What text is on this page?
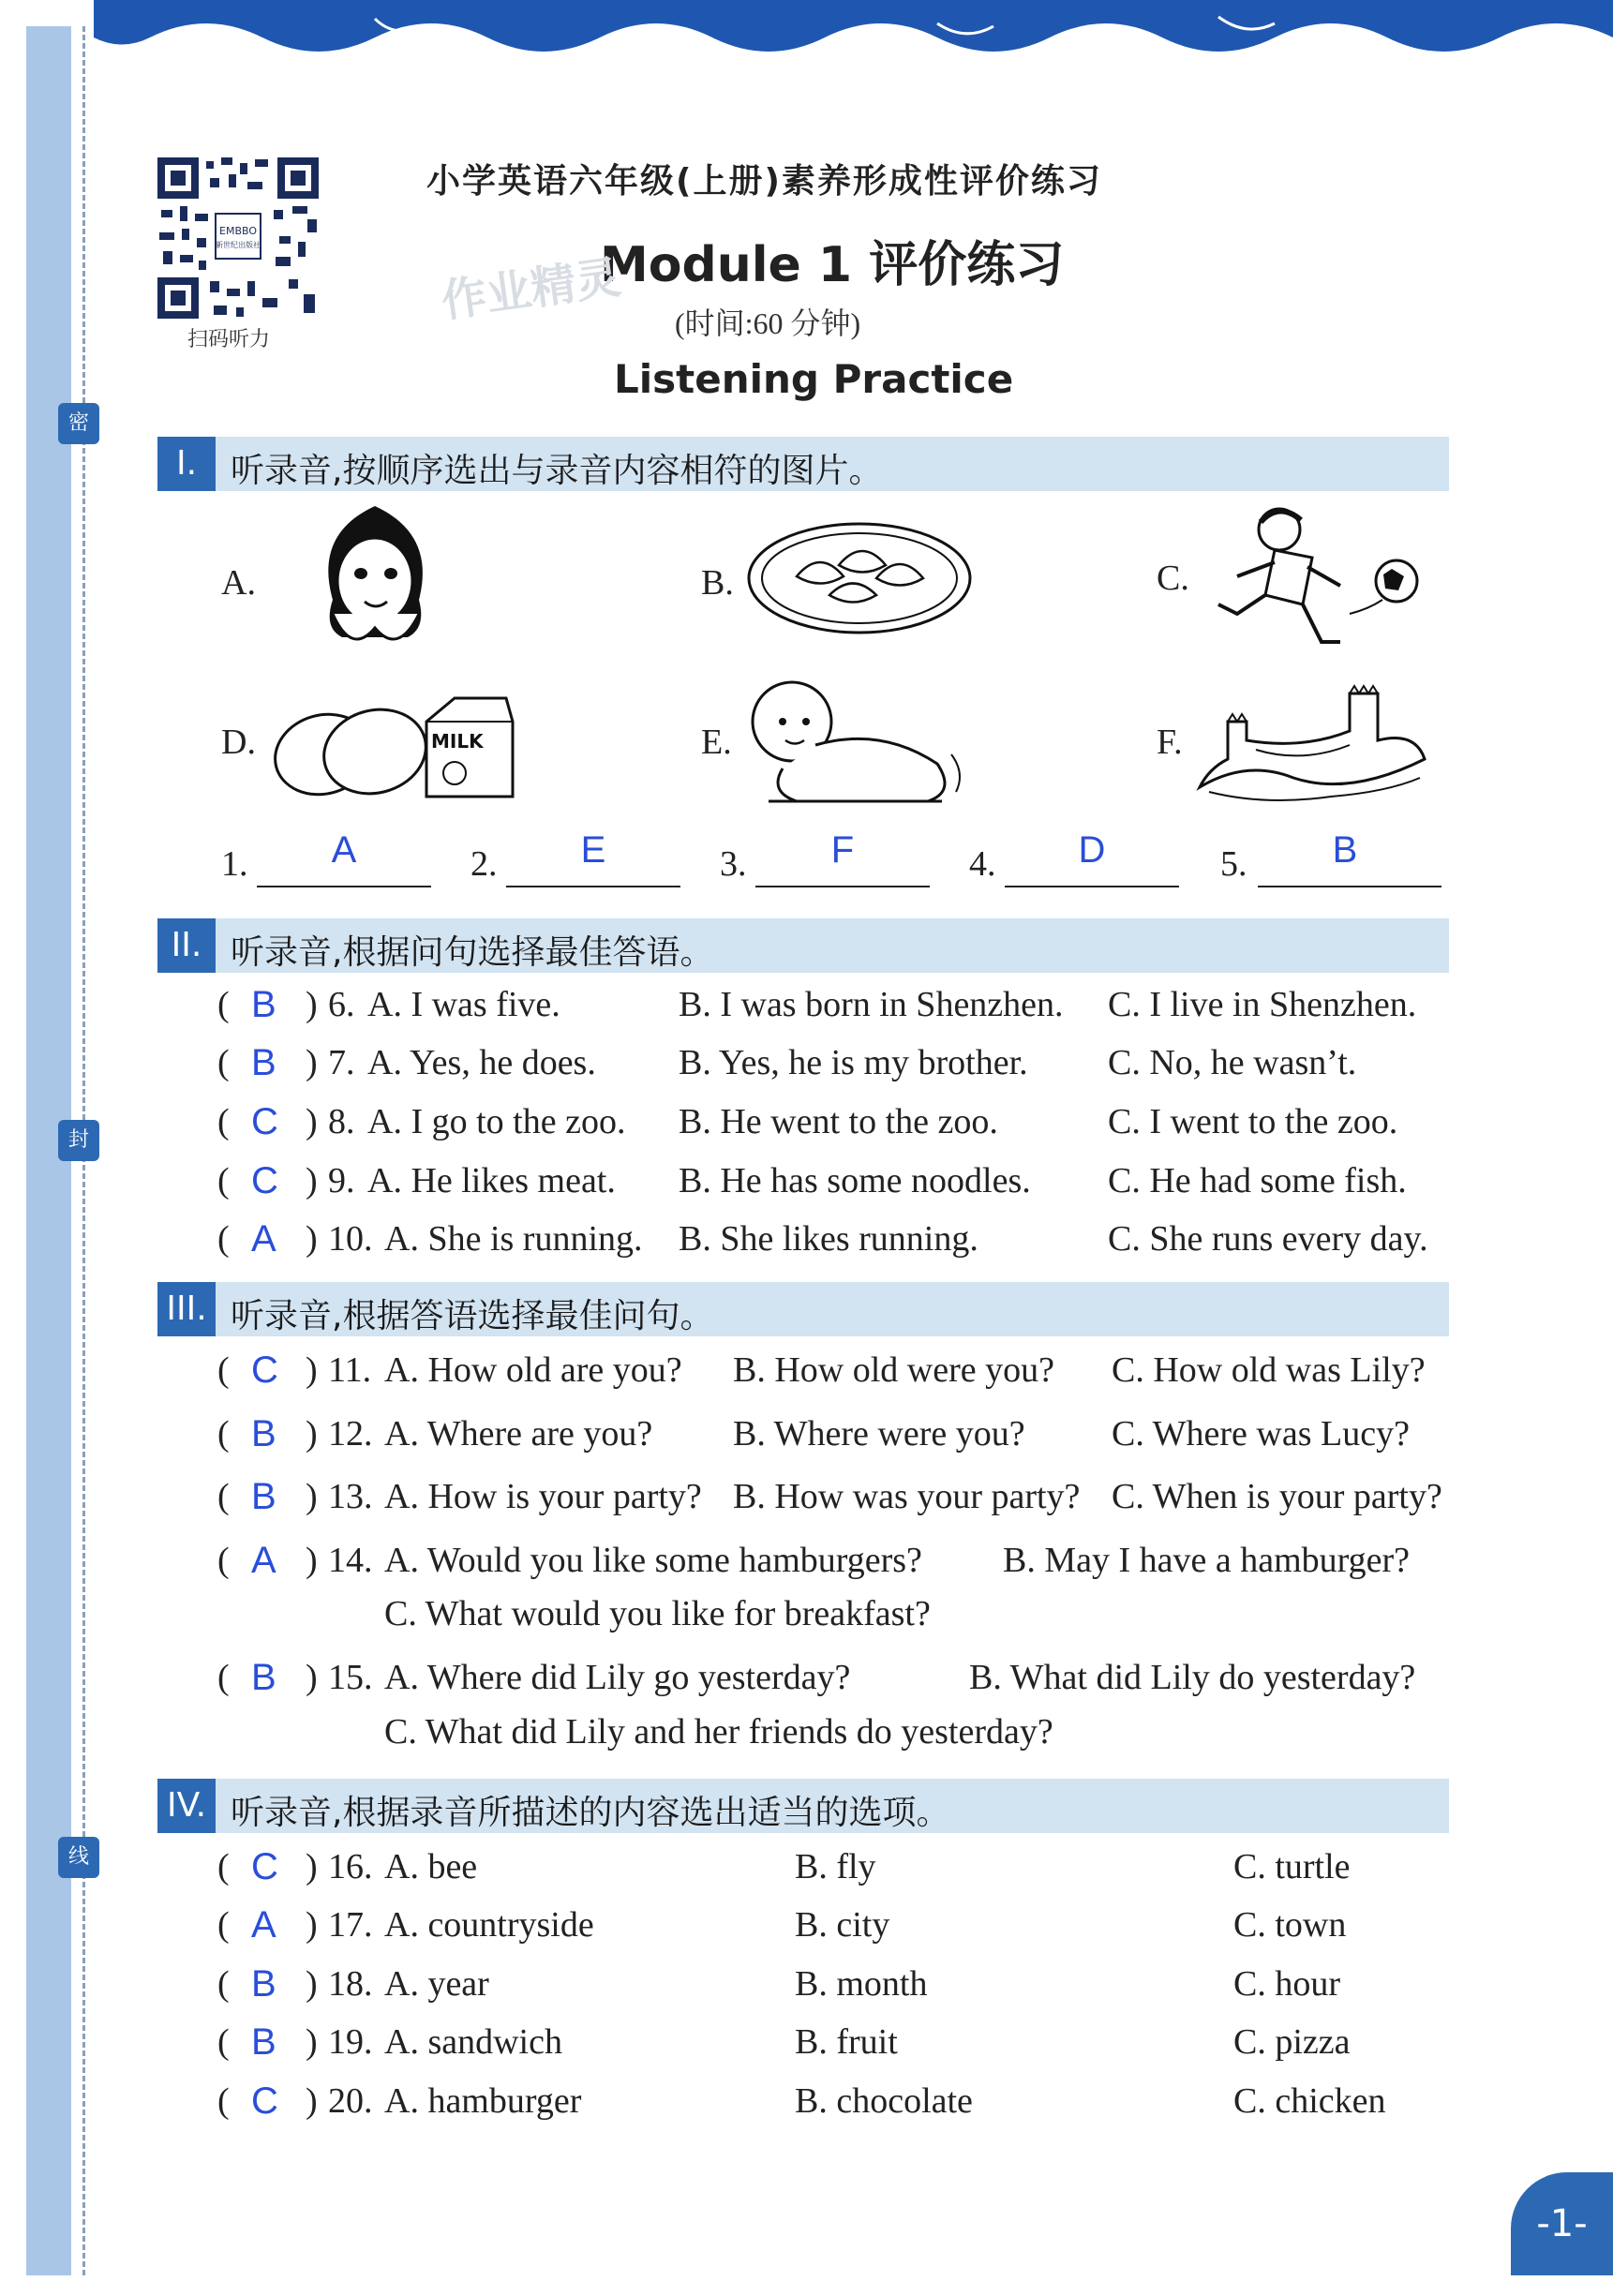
密
封
线
EMBBO
新世纪出版社
扫码听力
小学英语六年级(上册)素养形成性评价练习
Module 1 评价练习
(时间:60 分钟)
Listening Practice
作业精灵
I. 听录音,按顺序选出与录音内容相符的图片。
A.	B.	C.
D.	MILK	E.	F.
1.	A	2.	E	3.	F	4.	D	5.	B
II. 听录音,根据问句选择最佳答语。
( B ) 6. A. I was five.	B. I was born in Shenzhen. C. I live in Shenzhen.
( B ) 7. A. Yes, he does. B. Yes, he is my brother. C. No, he wasn’t.
( C ) 8. A. I go to the zoo. B. He went to the zoo.	C. I went to the zoo.
( C ) 9. A. He likes meat. B. He has some noodles. C. He had some fish.
( A ) 10. A. She is running. B. She likes running.	C. She runs every day.
III. 听录音,根据答语选择最佳问句。
( C ) 11. A. How old are you? B. How old were you? C. How old was Lily?
( B ) 12. A. Where are you? B. Where were you? C. Where was Lucy?
( B ) 13. A. How is your party? B. How was your party? C. When is your party?
( A ) 14. A. Would you like some hamburgers? B. May I have a hamburger?
C. What would you like for breakfast?
( B ) 15. A. Where did Lily go yesterday?	B. What did Lily do yesterday?
C. What did Lily and her friends do yesterday?
IV. 听录音,根据录音所描述的内容选出适当的选项。
( C ) 16. A. bee	B. fly	C. turtle
( A ) 17. A. countryside	B. city	C. town
( B ) 18. A. year	B. month	C. hour
( B ) 19. A. sandwich	B. fruit	C. pizza
( C ) 20. A. hamburger	B. chocolate	C. chicken
-1-
